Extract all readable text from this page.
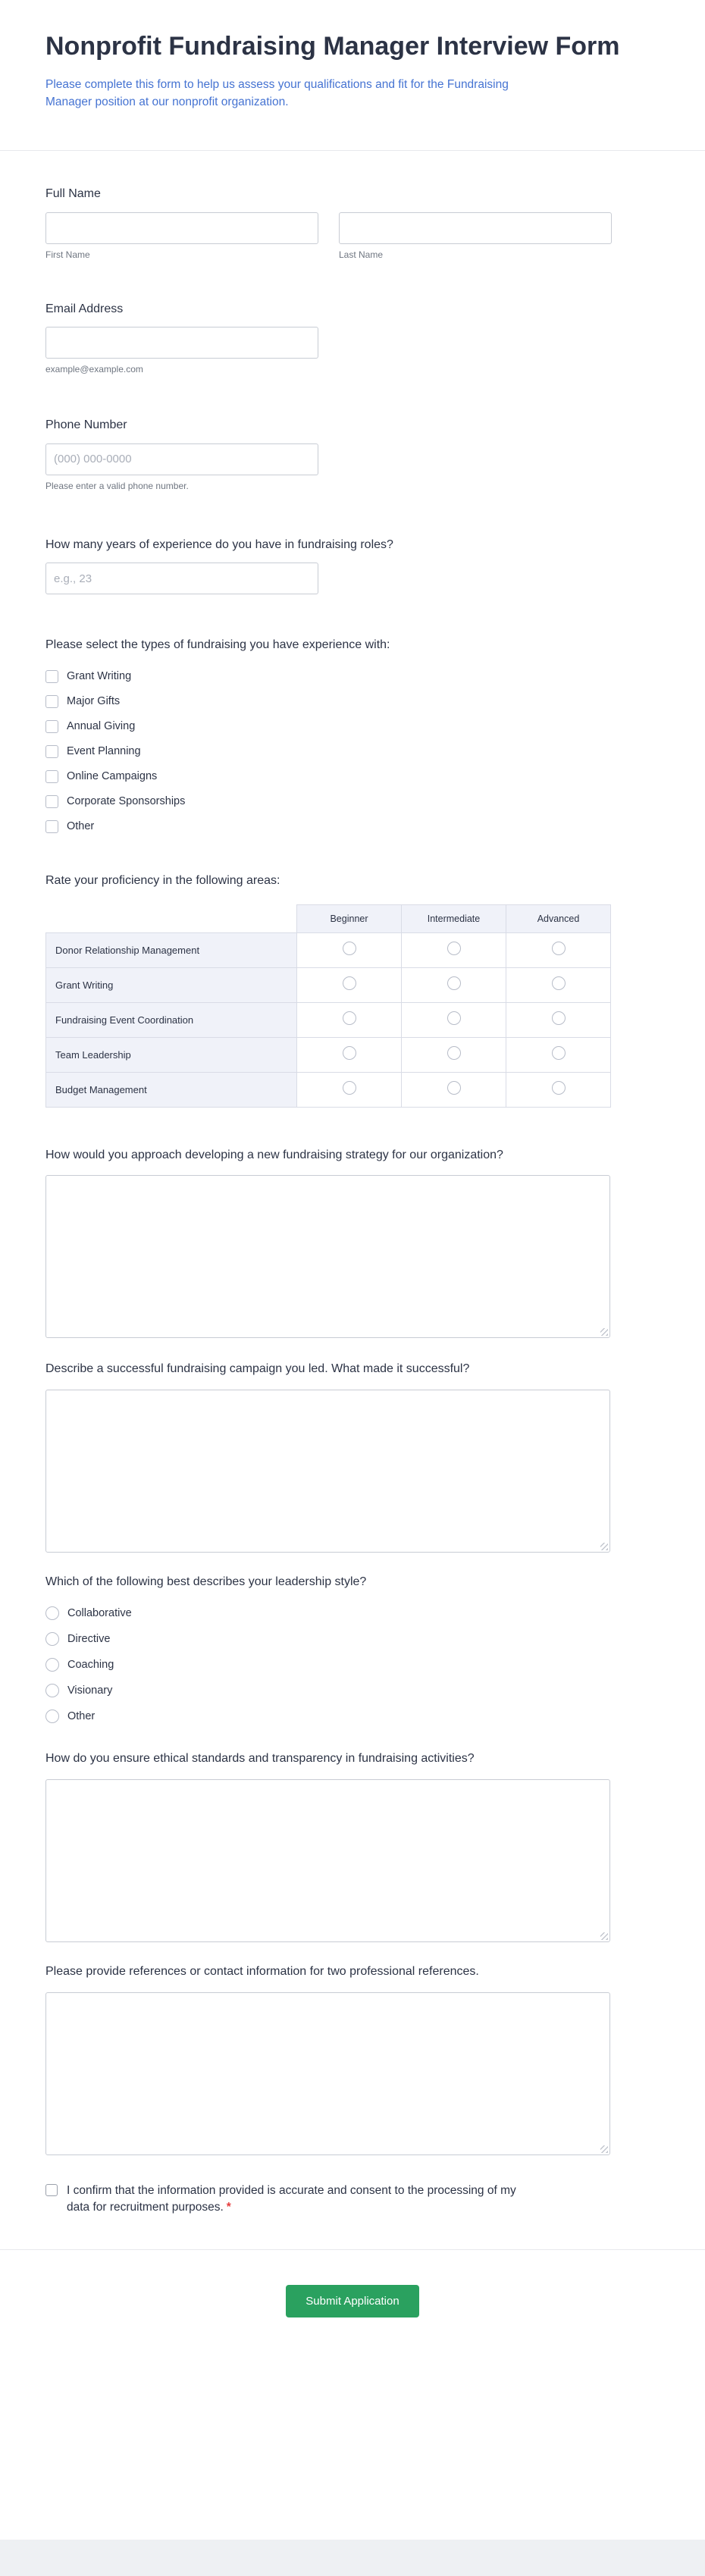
Nonprofit Fundraising Manager Interview Form

Please complete this form to help us assess your qualifications and fit for the Fundraising Manager position at our nonprofit organization.

Full Name
First Name	Last Name
Email Address
example@example.com
Phone Number
(000) 000-0000
Please enter a valid phone number.
How many years of experience do you have in fundraising roles?
e.g., 23
Please select the types of fundraising you have experience with:
Grant Writing
Major Gifts
Annual Giving
Event Planning
Online Campaigns
Corporate Sponsorships
Other
Rate your proficiency in the following areas:
	Beginner	Intermediate	Advanced
Donor Relationship Management			
Grant Writing			
Fundraising Event Coordination			
Team Leadership			
Budget Management			
How would you approach developing a new fundraising strategy for our organization?
Describe a successful fundraising campaign you led. What made it successful?
Which of the following best describes your leadership style?
Collaborative
Directive
Coaching
Visionary
Other
How do you ensure ethical standards and transparency in fundraising activities?
Please provide references or contact information for two professional references.
I confirm that the information provided is accurate and consent to the processing of my data for recruitment purposes. *
Submit Application
